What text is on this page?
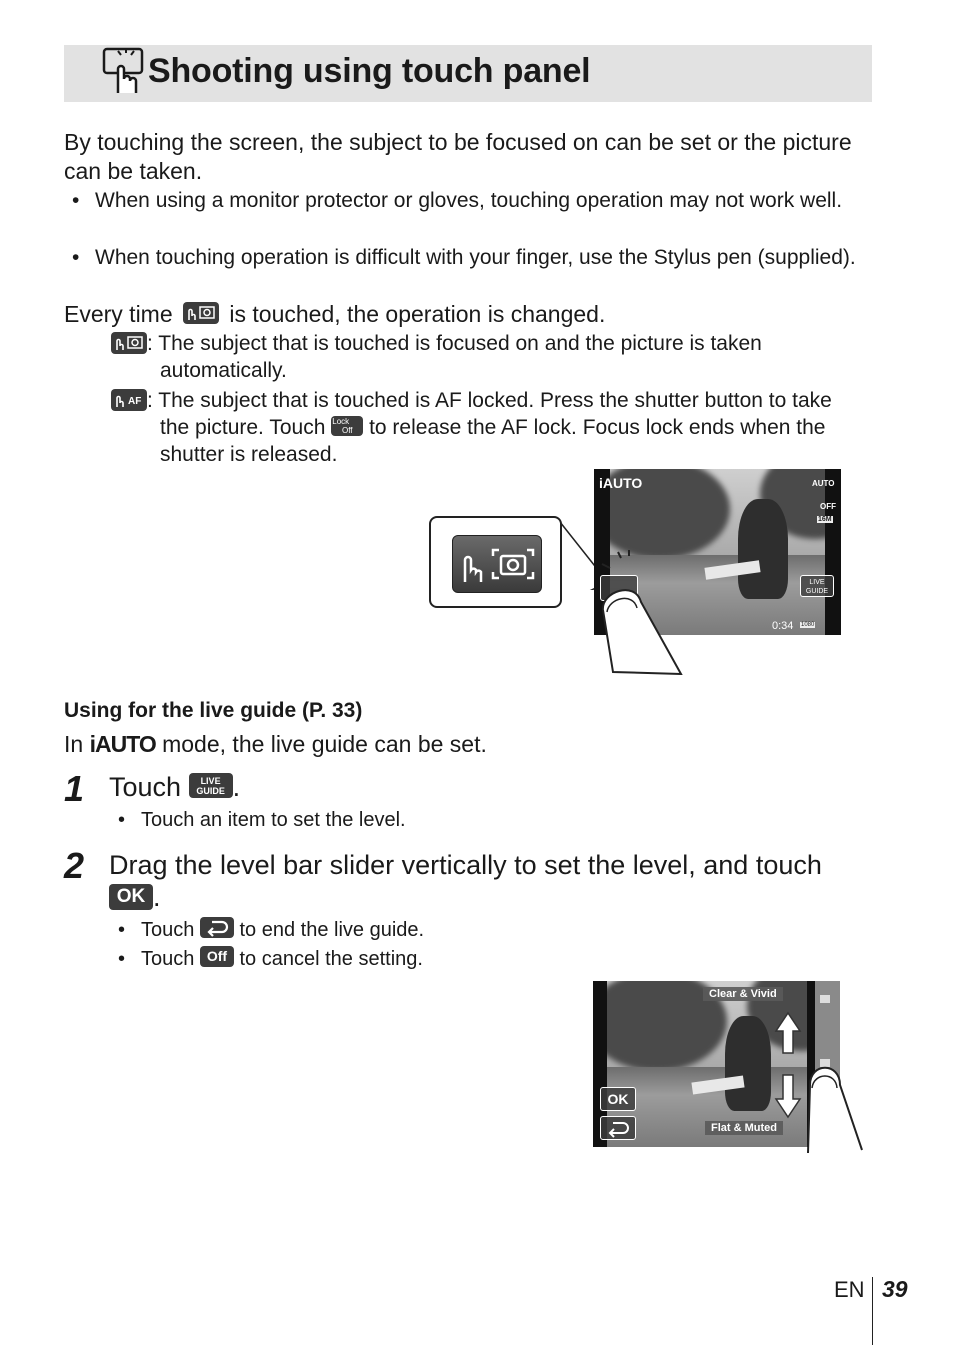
Shooting using touch panel
By touching the screen, the subject to be focused on can be set or the picture can be taken.
• When using a monitor protector or gloves, touching operation may not work well.
• When touching operation is difficult with your finger, use the Stylus pen (supplied).
Every time is touched, the operation is changed.
: The subject that is touched is focused on and the picture is taken automatically.
AF : The subject that is touched is AF locked. Press the shutter button to take the picture. Touch Lock
Off to release the AF lock. Focus lock ends when the shutter is released.
iAUTO	AUTO
OFF
16M
LIVE
GUIDE
0:34 1080
Using for the live guide (P. 33)
In iAUTO mode, the live guide can be set.
1 Touch LIVE
GUIDE .
• Touch an item to set the level.
2 Drag the level bar slider vertically to set the level, and touch
OK .
• Touch to end the live guide.
• Touch Off to cancel the setting.
Clear & Vivid
Flat & Muted
OK
EN 39
